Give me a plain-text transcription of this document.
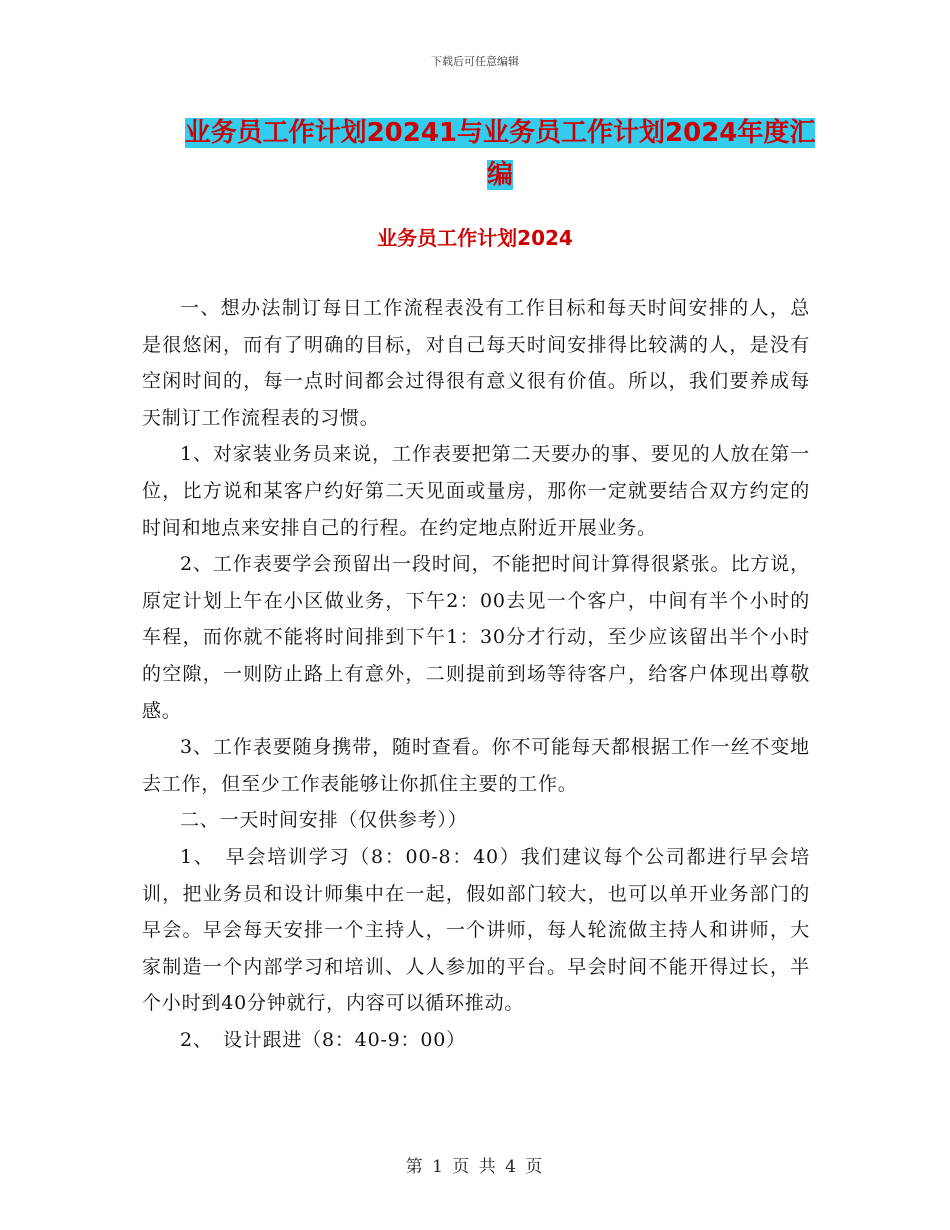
下载后可任意编辑
业务员工作计划20241与业务员工作计划2024年度汇
编
业务员工作计划2024

一、想办法制订每日工作流程表没有工作目标和每天时间安排的人，总是很悠闲，而有了明确的目标，对自己每天时间安排得比较满的人，是没有空闲时间的，每一点时间都会过得很有意义很有价值。所以，我们要养成每天制订工作流程表的习惯。

1、对家装业务员来说，工作表要把第二天要办的事、要见的人放在第一位，比方说和某客户约好第二天见面或量房，那你一定就要结合双方约定的时间和地点来安排自己的行程。在约定地点附近开展业务。

2、工作表要学会预留出一段时间，不能把时间计算得很紧张。比方说，原定计划上午在小区做业务，下午2：00去见一个客户，中间有半个小时的车程，而你就不能将时间排到下午1：30分才行动，至少应该留出半个小时的空隙，一则防止路上有意外，二则提前到场等待客户，给客户体现出尊敬感。

3、工作表要随身携带，随时查看。你不可能每天都根据工作一丝不变地去工作，但至少工作表能够让你抓住主要的工作。

二、一天时间安排（仅供参考））

1、　早会培训学习（8：00-8：40）我们建议每个公司都进行早会培训，把业务员和设计师集中在一起，假如部门较大，也可以单开业务部门的早会。早会每天安排一个主持人，一个讲师，每人轮流做主持人和讲师，大家制造一个内部学习和培训、人人参加的平台。早会时间不能开得过长，半个小时到40分钟就行，内容可以循环推动。

2、　设计跟进（8：40-9：00）

第 1 页 共 4 页
